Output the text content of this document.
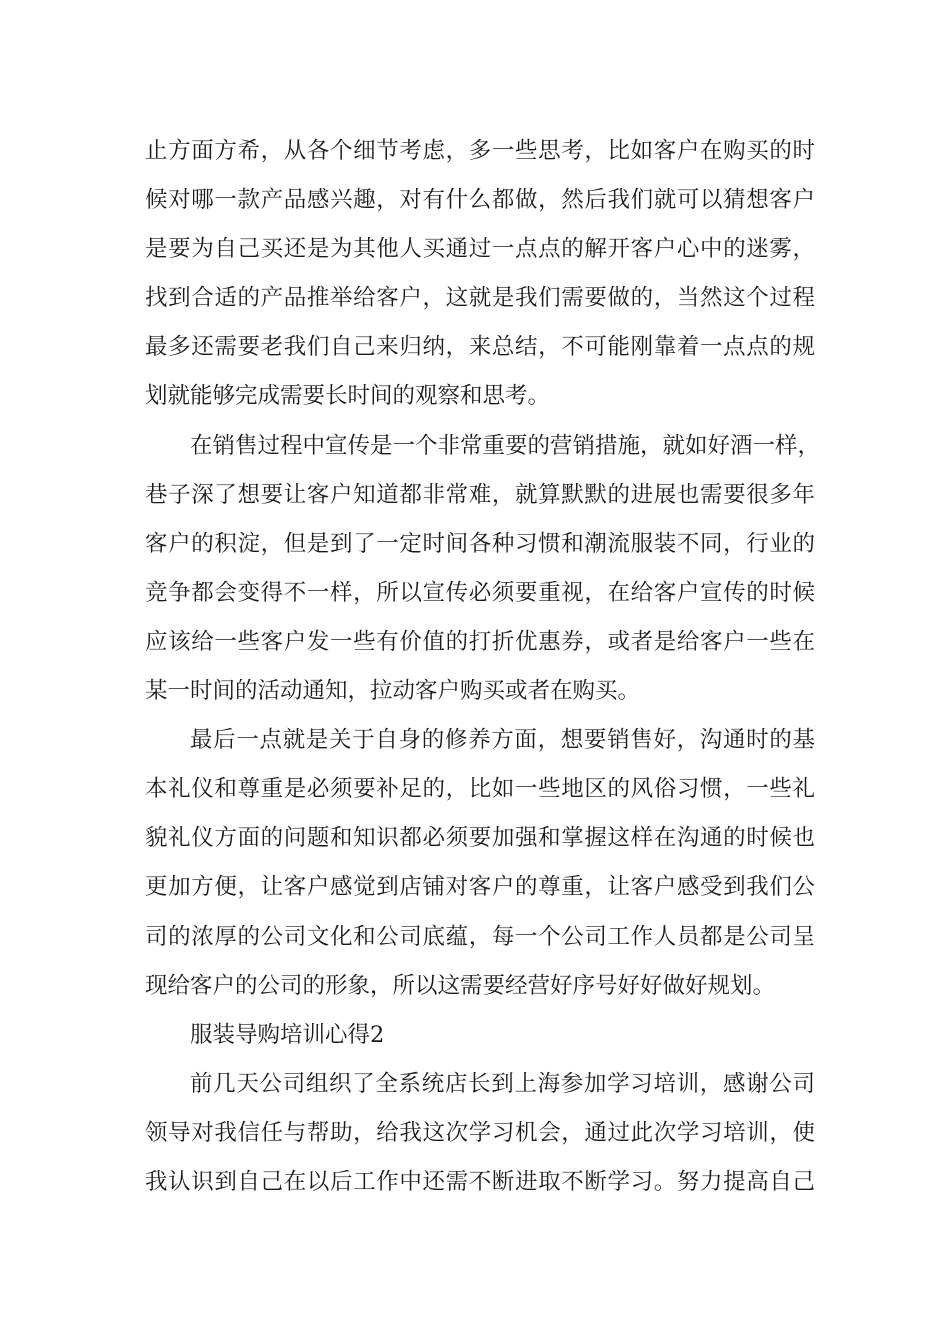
止方面方希，从各个细节考虑，多一些思考，比如客户在购买的时
候对哪一款产品感兴趣，对有什么都做，然后我们就可以猜想客户
是要为自己买还是为其他人买通过一点点的解开客户心中的迷雾，
找到合适的产品推举给客户，这就是我们需要做的，当然这个过程
最多还需要老我们自己来归纳，来总结，不可能刚靠着一点点的规
划就能够完成需要长时间的观察和思考。
在销售过程中宣传是一个非常重要的营销措施，就如好酒一样，
巷子深了想要让客户知道都非常难，就算默默的进展也需要很多年
客户的积淀，但是到了一定时间各种习惯和潮流服装不同，行业的
竞争都会变得不一样，所以宣传必须要重视，在给客户宣传的时候
应该给一些客户发一些有价值的打折优惠券，或者是给客户一些在
某一时间的活动通知，拉动客户购买或者在购买。
最后一点就是关于自身的修养方面，想要销售好，沟通时的基
本礼仪和尊重是必须要补足的，比如一些地区的风俗习惯，一些礼
貌礼仪方面的问题和知识都必须要加强和掌握这样在沟通的时候也
更加方便，让客户感觉到店铺对客户的尊重，让客户感受到我们公
司的浓厚的公司文化和公司底蕴，每一个公司工作人员都是公司呈
现给客户的公司的形象，所以这需要经营好序号好好做好规划。
服装导购培训心得2
前几天公司组织了全系统店长到上海参加学习培训，感谢公司
领导对我信任与帮助，给我这次学习机会，通过此次学习培训，使
我认识到自己在以后工作中还需不断进取不断学习。努力提高自己
